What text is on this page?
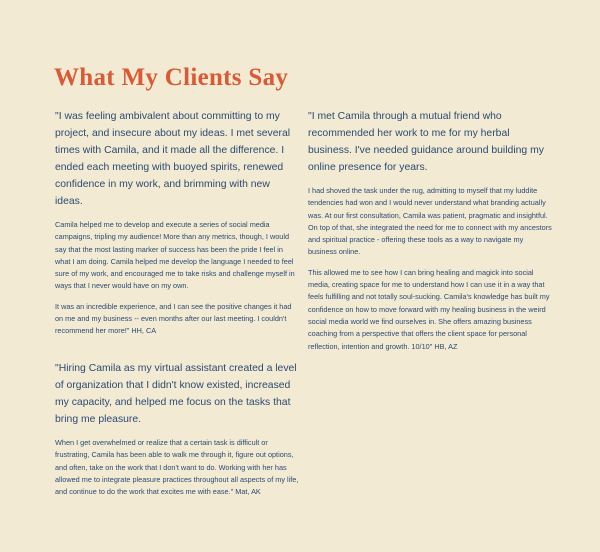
What My Clients Say

"I was feeling ambivalent about committing to my project, and insecure about my ideas. I met several times with Camila, and it made all the difference. I ended each meeting with buoyed spirits, renewed confidence in my work, and brimming with new ideas.

Camila helped me to develop and execute a series of social media campaigns, tripling my audience! More than any metrics, though, I would say that the most lasting marker of success has been the pride I feel in what I am doing. Camila helped me develop the language I needed to feel sure of my work, and encouraged me to take risks and challenge myself in ways that I never would have on my own.

It was an incredible experience, and I can see the positive changes it had on me and my business -- even months after our last meeting. I couldn't recommend her more!" HH, CA

"I met Camila through a mutual friend who recommended her work to me for my herbal business. I've needed guidance around building my online presence for years.

I had shoved the task under the rug, admitting to myself that my luddite tendencies had won and I would never understand what branding actually was. At our first consultation, Camila was patient, pragmatic and insightful. On top of that, she integrated the need for me to connect with my ancestors and spiritual practice - offering these tools as a way to navigate my business online.

This allowed me to see how I can bring healing and magick into social media, creating space for me to understand how I can use it in a way that feels fulfilling and not totally soul-sucking. Camila's knowledge has built my confidence on how to move forward with my healing business in the weird social media world we find ourselves in. She offers amazing business coaching from a perspective that offers the client space for personal reflection, intention and growth. 10/10" HB, AZ

"Hiring Camila as my virtual assistant created a level of organization that I didn't know existed, increased my capacity, and helped me focus on the tasks that bring me pleasure.

When I get overwhelmed or realize that a certain task is difficult or frustrating, Camila has been able to walk me through it, figure out options, and often, take on the work that I don't want to do. Working with her has allowed me to integrate pleasure practices throughout all aspects of my life, and continue to do the work that excites me with ease." Mat, AK
